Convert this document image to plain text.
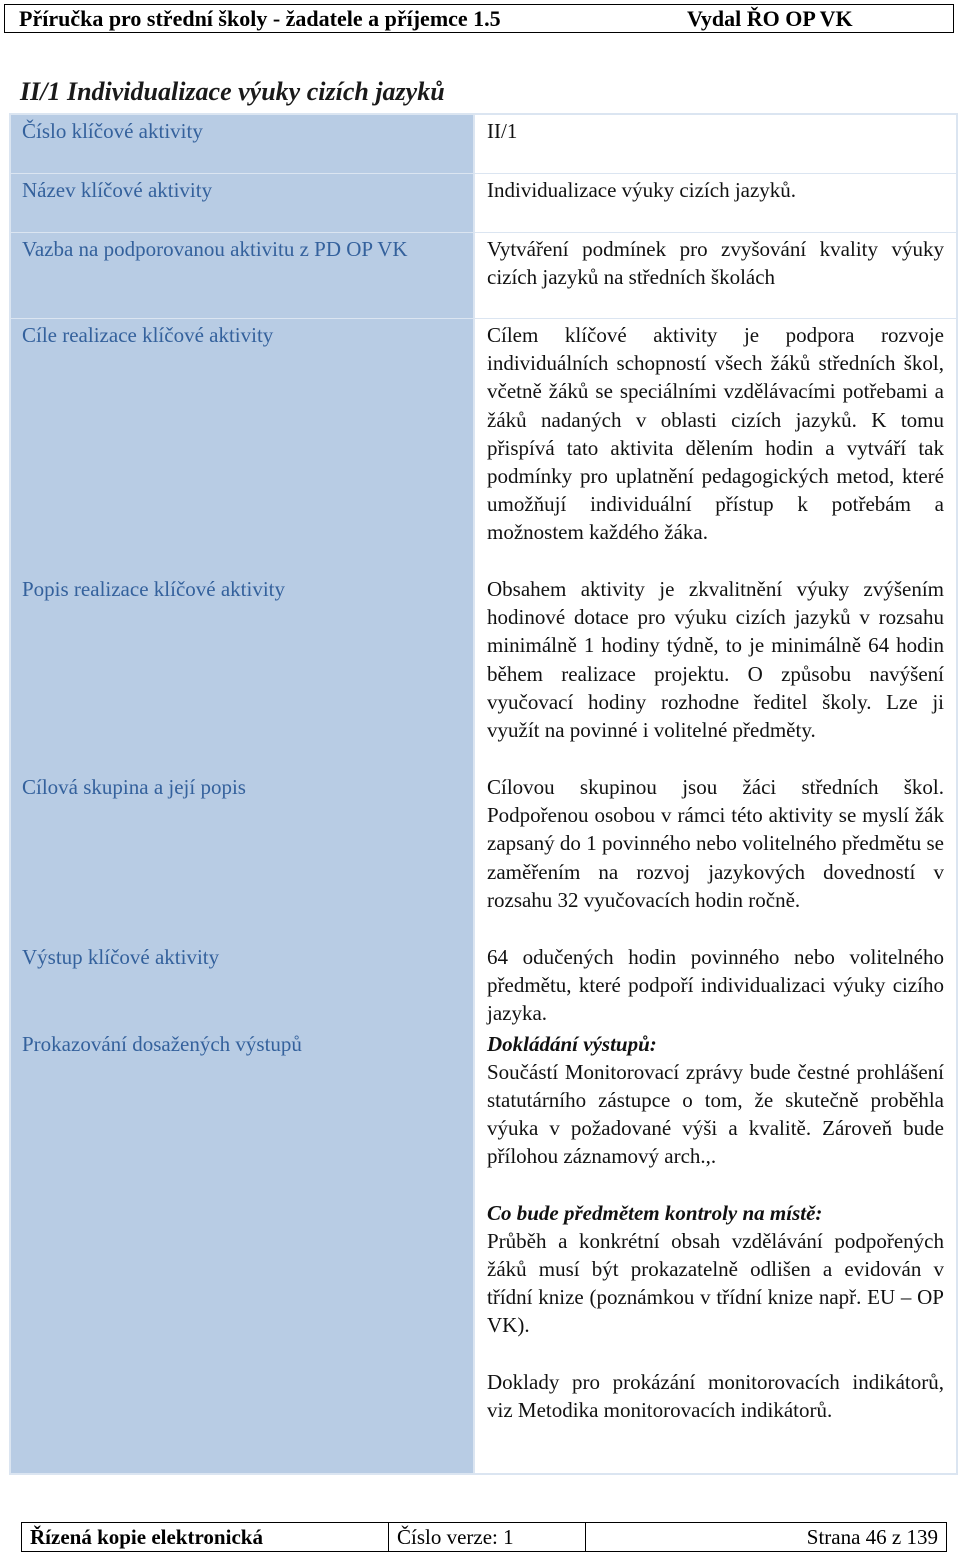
Příručka pro střední školy - žadatele a příjemce 1.5	Vydal ŘO OP VK
II/1 Individualizace výuky cizích jazyků
Číslo klíčové aktivity	II/1
Název klíčové aktivity	Individualizace výuky cizích jazyků.
Vazba na podporovanou aktivitu z PD OP VK	Vytváření podmínek pro zvyšování kvality výuky cizích jazyků na středních školách
Cíle realizace klíčové aktivity	Cílem klíčové aktivity je podpora rozvoje individuálních schopností všech žáků středních škol, včetně žáků se speciálními vzdělávacími potřebami a žáků nadaných v oblasti cizích jazyků. K tomu přispívá tato aktivita dělením hodin a vytváří tak podmínky pro uplatnění pedagogických metod, které umožňují individuální přístup k potřebám a možnostem každého žáka.
Popis realizace klíčové aktivity	Obsahem aktivity je zkvalitnění výuky zvýšením hodinové dotace pro výuku cizích jazyků v rozsahu minimálně 1 hodiny týdně, to je minimálně 64 hodin během realizace projektu. O způsobu navýšení vyučovací hodiny rozhodne ředitel školy. Lze ji využít na povinné i volitelné předměty.
Cílová skupina a její popis	Cílovou skupinou jsou žáci středních škol. Podpořenou osobou v rámci této aktivity se myslí žák zapsaný do 1 povinného nebo volitelného předmětu se zaměřením na rozvoj jazykových dovedností v rozsahu 32 vyučovacích hodin ročně.
Výstup klíčové aktivity	64 odučených hodin povinného nebo volitelného předmětu, které podpoří individualizaci výuky cizího jazyka.
Prokazování dosažených výstupů	Dokládání výstupů:
Součástí Monitorovací zprávy bude čestné prohlášení statutárního zástupce o tom, že skutečně proběhla výuka v požadované výši a kvalitě. Zároveň bude přílohou záznamový arch.,.
Co bude předmětem kontroly na místě:
Průběh a konkrétní obsah vzdělávání podpořených žáků musí být prokazatelně odlišen a evidován v třídní knize (poznámkou v třídní knize např. EU – OP VK).
Doklady pro prokázání monitorovacích indikátorů, viz Metodika monitorovacích indikátorů.
Řízená kopie elektronická	Číslo verze: 1	Strana 46 z 139
